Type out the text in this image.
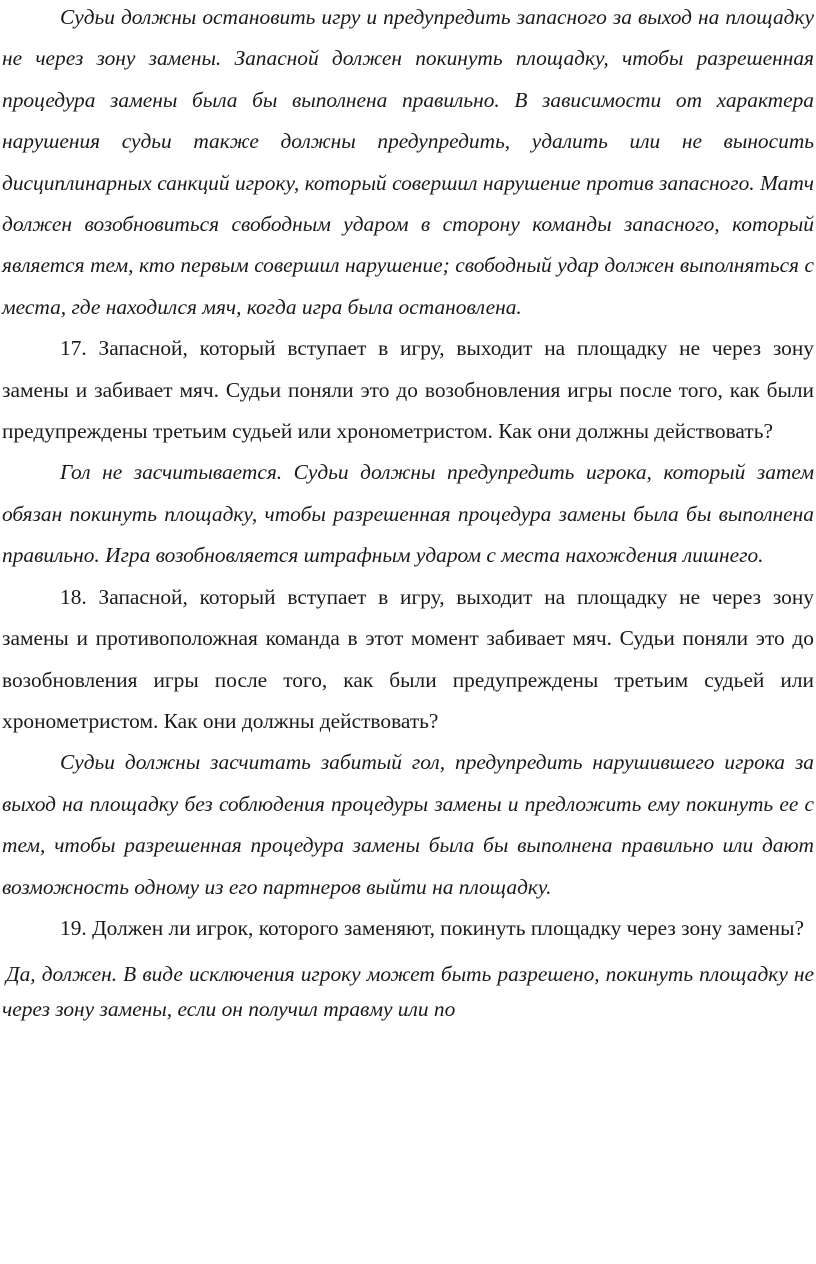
Судьи должны остановить игру и предупредить запасного за выход на площадку не через зону замены. Запасной должен покинуть площадку, чтобы разрешенная процедура замены была бы выполнена правильно. В зависимости от характера нарушения судьи также должны предупредить, удалить или не выносить дисциплинарных санкций игроку, который совершил нарушение против запасного. Матч должен возобновиться свободным ударом в сторону команды запасного, который является тем, кто первым совершил нарушение; свободный удар должен выполняться с места, где находился мяч, когда игра была остановлена.

17. Запасной, который вступает в игру, выходит на площадку не через зону замены и забивает мяч. Судьи поняли это до возобновления игры после того, как были предупреждены третьим судьей или хронометристом. Как они должны действовать?

Гол не засчитывается. Судьи должны предупредить игрока, который затем обязан покинуть площадку, чтобы разрешенная процедура замены была бы выполнена правильно. Игра возобновляется штрафным ударом с места нахождения лишнего.

18. Запасной, который вступает в игру, выходит на площадку не через зону замены и противоположная команда в этот момент забивает мяч. Судьи поняли это до возобновления игры после того, как были предупреждены третьим судьей или хронометристом. Как они должны действовать?

Судьи должны засчитать забитый гол, предупредить нарушившего игрока за выход на площадку без соблюдения процедуры замены и предложить ему покинуть ее с тем, чтобы разрешенная процедура замены была бы выполнена правильно или дают возможность одному из его партнеров выйти на площадку.

19. Должен ли игрок, которого заменяют, покинуть площадку через зону замены?

Да, должен. В виде исключения игроку может быть разрешено, покинуть площадку не через зону замены, если он получил травму или по
